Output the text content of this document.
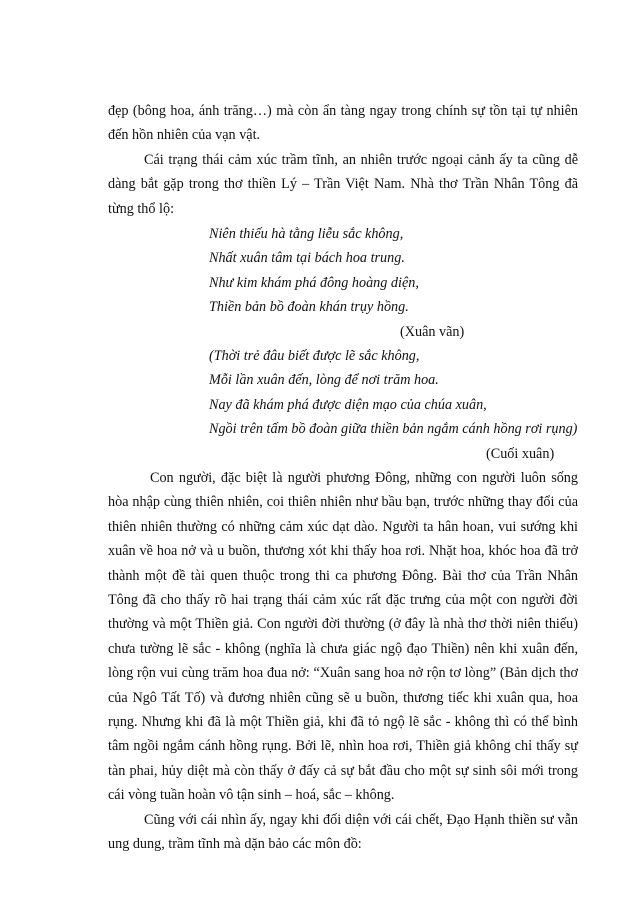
đẹp (bông hoa, ánh trăng…) mà còn ẩn tàng ngay trong chính sự tồn tại tự nhiên đến hồn nhiên của vạn vật.

Cái trạng thái cảm xúc trầm tĩnh, an nhiên trước ngoại cảnh ấy ta cũng dễ dàng bắt gặp trong thơ thiền Lý – Trần Việt Nam. Nhà thơ Trần Nhân Tông đã từng thổ lộ:

Niên thiếu hà tằng liễu sắc không,
Nhất xuân tâm tại bách hoa trung.
Như kim khám phá đông hoàng diện,
Thiền bản bồ đoàn khán trụy hồng.
(Xuân vãn)
(Thời trẻ đâu biết được lẽ sắc không,
Mỗi lần xuân đến, lòng để nơi trăm hoa.
Nay đã khám phá được diện mạo của chúa xuân,
Ngồi trên tấm bồ đoàn giữa thiền bản ngắm cánh hồng rơi rụng)
(Cuối xuân)

Con người, đặc biệt là người phương Đông, những con người luôn sống hòa nhập cùng thiên nhiên, coi thiên nhiên như bầu bạn, trước những thay đổi của thiên nhiên thường có những cảm xúc dạt dào. Người ta hân hoan, vui sướng khi xuân về hoa nở và u buồn, thương xót khi thấy hoa rơi. Nhặt hoa, khóc hoa đã trở thành một đề tài quen thuộc trong thi ca phương Đông. Bài thơ của Trần Nhân Tông đã cho thấy rõ hai trạng thái cảm xúc rất đặc trưng của một con người đời thường và một Thiền giả. Con người đời thường (ở đây là nhà thơ thời niên thiếu) chưa tường lẽ sắc - không (nghĩa là chưa giác ngộ đạo Thiền) nên khi xuân đến, lòng rộn vui cùng trăm hoa đua nở: “Xuân sang hoa nở rộn tơ lòng” (Bản dịch thơ của Ngô Tất Tố) và đương nhiên cũng sẽ u buồn, thương tiếc khi xuân qua, hoa rụng. Nhưng khi đã là một Thiền giả, khi đã tỏ ngộ lẽ sắc - không thì có thể bình tâm ngồi ngắm cánh hồng rụng. Bởi lẽ, nhìn hoa rơi, Thiền giả không chỉ thấy sự tàn phai, hủy diệt mà còn thấy ở đấy cả sự bắt đầu cho một sự sinh sôi mới trong cái vòng tuần hoàn vô tận sinh – hoá, sắc – không.

Cũng với cái nhìn ấy, ngay khi đối diện với cái chết, Đạo Hạnh thiền sư vẫn ung dung, trầm tĩnh mà dặn bảo các môn đồ:
